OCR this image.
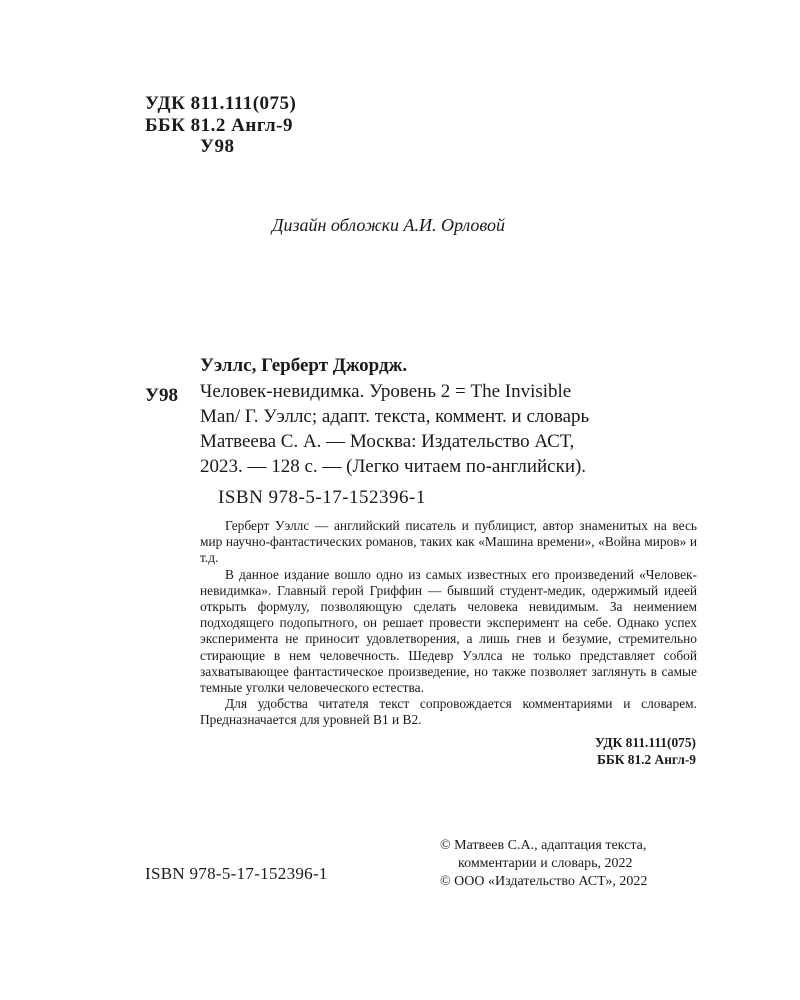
УДК 811.111(075)
ББК 81.2 Англ-9
У98
Дизайн обложки А.И. Орловой
Уэллс, Герберт Джордж.
У98 Человек-невидимка. Уровень 2 = The Invisible
Man/ Г. Уэллс; адапт. текста, коммент. и словарь
Матвеева С. А. — Москва: Издательство АСТ,
2023. — 128 с. — (Легко читаем по-английски).
ISBN 978-5-17-152396-1

Герберт Уэллс — английский писатель и публицист, автор знаменитых на весь мир научно-фантастических романов, таких как «Машина времени», «Война миров» и т.д.

В данное издание вошло одно из самых известных его произведений «Человек-невидимка». Главный герой Гриффин — бывший студент-медик, одержимый идеей открыть формулу, позволяющую сделать человека невидимым. За неимением подходящего подопытного, он решает провести эксперимент на себе. Однако успех эксперимента не приносит удовлетворения, а лишь гнев и безумие, стремительно стирающие в нем человечность. Шедевр Уэллса не только представляет собой захватывающее фантастическое произведение, но также позволяет заглянуть в самые темные уголки человеческого естества.

Для удобства читателя текст сопровождается комментариями и словарем. Предназначается для уровней В1 и В2.

УДК 811.111(075)
ББК 81.2 Англ-9
© Матвеев С.А., адаптация текста,
комментарии и словарь, 2022
© ООО «Издательство АСТ», 2022
ISBN 978-5-17-152396-1
